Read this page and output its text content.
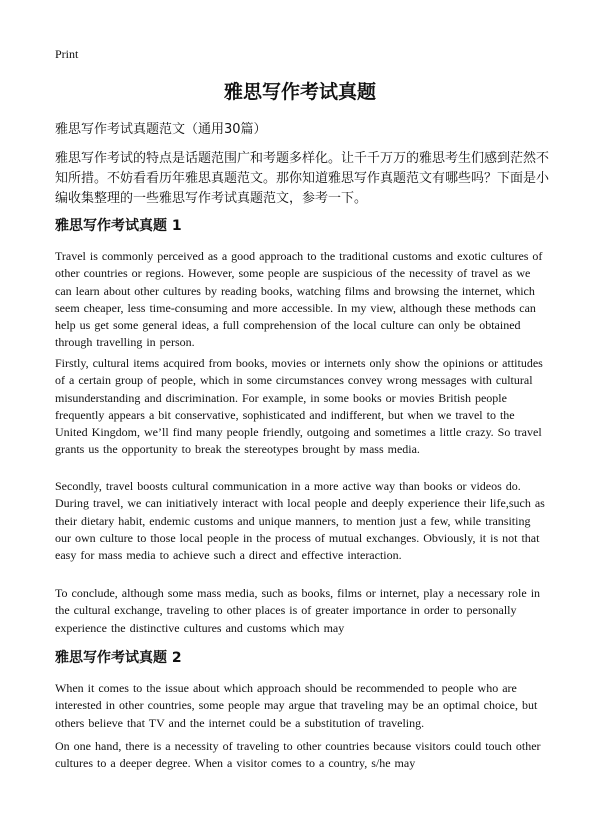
Print
雅思写作考试真题
雅思写作考试真题范文（通用30篇）
雅思写作考试的特点是话题范围广和考题多样化。让千千万万的雅思考生们感到茫然不知所措。不妨看看历年雅思真题范文。那你知道雅思写作真题范文有哪些吗？下面是小编收集整理的一些雅思写作考试真题范文，参考一下。
雅思写作考试真题 1
Travel is commonly perceived as a good approach to the traditional customs and exotic cultures of other countries or regions. However, some people are suspicious of the necessity of travel as we can learn about other cultures by reading books, watching films and browsing the internet, which seem cheaper, less time-consuming and more accessible. In my view, although these methods can help us get some general ideas, a full comprehension of the local culture can only be obtained through travelling in person.
Firstly, cultural items acquired from books, movies or internets only show the opinions or attitudes of a certain group of people, which in some circumstances convey wrong messages with cultural misunderstanding and discrimination. For example, in some books or movies British people frequently appears a bit conservative, sophisticated and indifferent, but when we travel to the United Kingdom, we’ll find many people friendly, outgoing and sometimes a little crazy. So travel grants us the opportunity to break the stereotypes brought by mass media.
Secondly, travel boosts cultural communication in a more active way than books or videos do. During travel, we can initiatively interact with local people and deeply experience their life,such as their dietary habit, endemic customs and unique manners, to mention just a few, while transiting our own culture to those local people in the process of mutual exchanges. Obviously, it is not that easy for mass media to achieve such a direct and effective interaction.
To conclude, although some mass media, such as books, films or internet, play a necessary role in the cultural exchange, traveling to other places is of greater importance in order to personally experience the distinctive cultures and customs which may
雅思写作考试真题 2
When it comes to the issue about which approach should be recommended to people who are interested in other countries, some people may argue that traveling may be an optimal choice, but others believe that TV and the internet could be a substitution of traveling.
On one hand, there is a necessity of traveling to other countries because visitors could touch other cultures to a deeper degree. When a visitor comes to a country, s/he may
